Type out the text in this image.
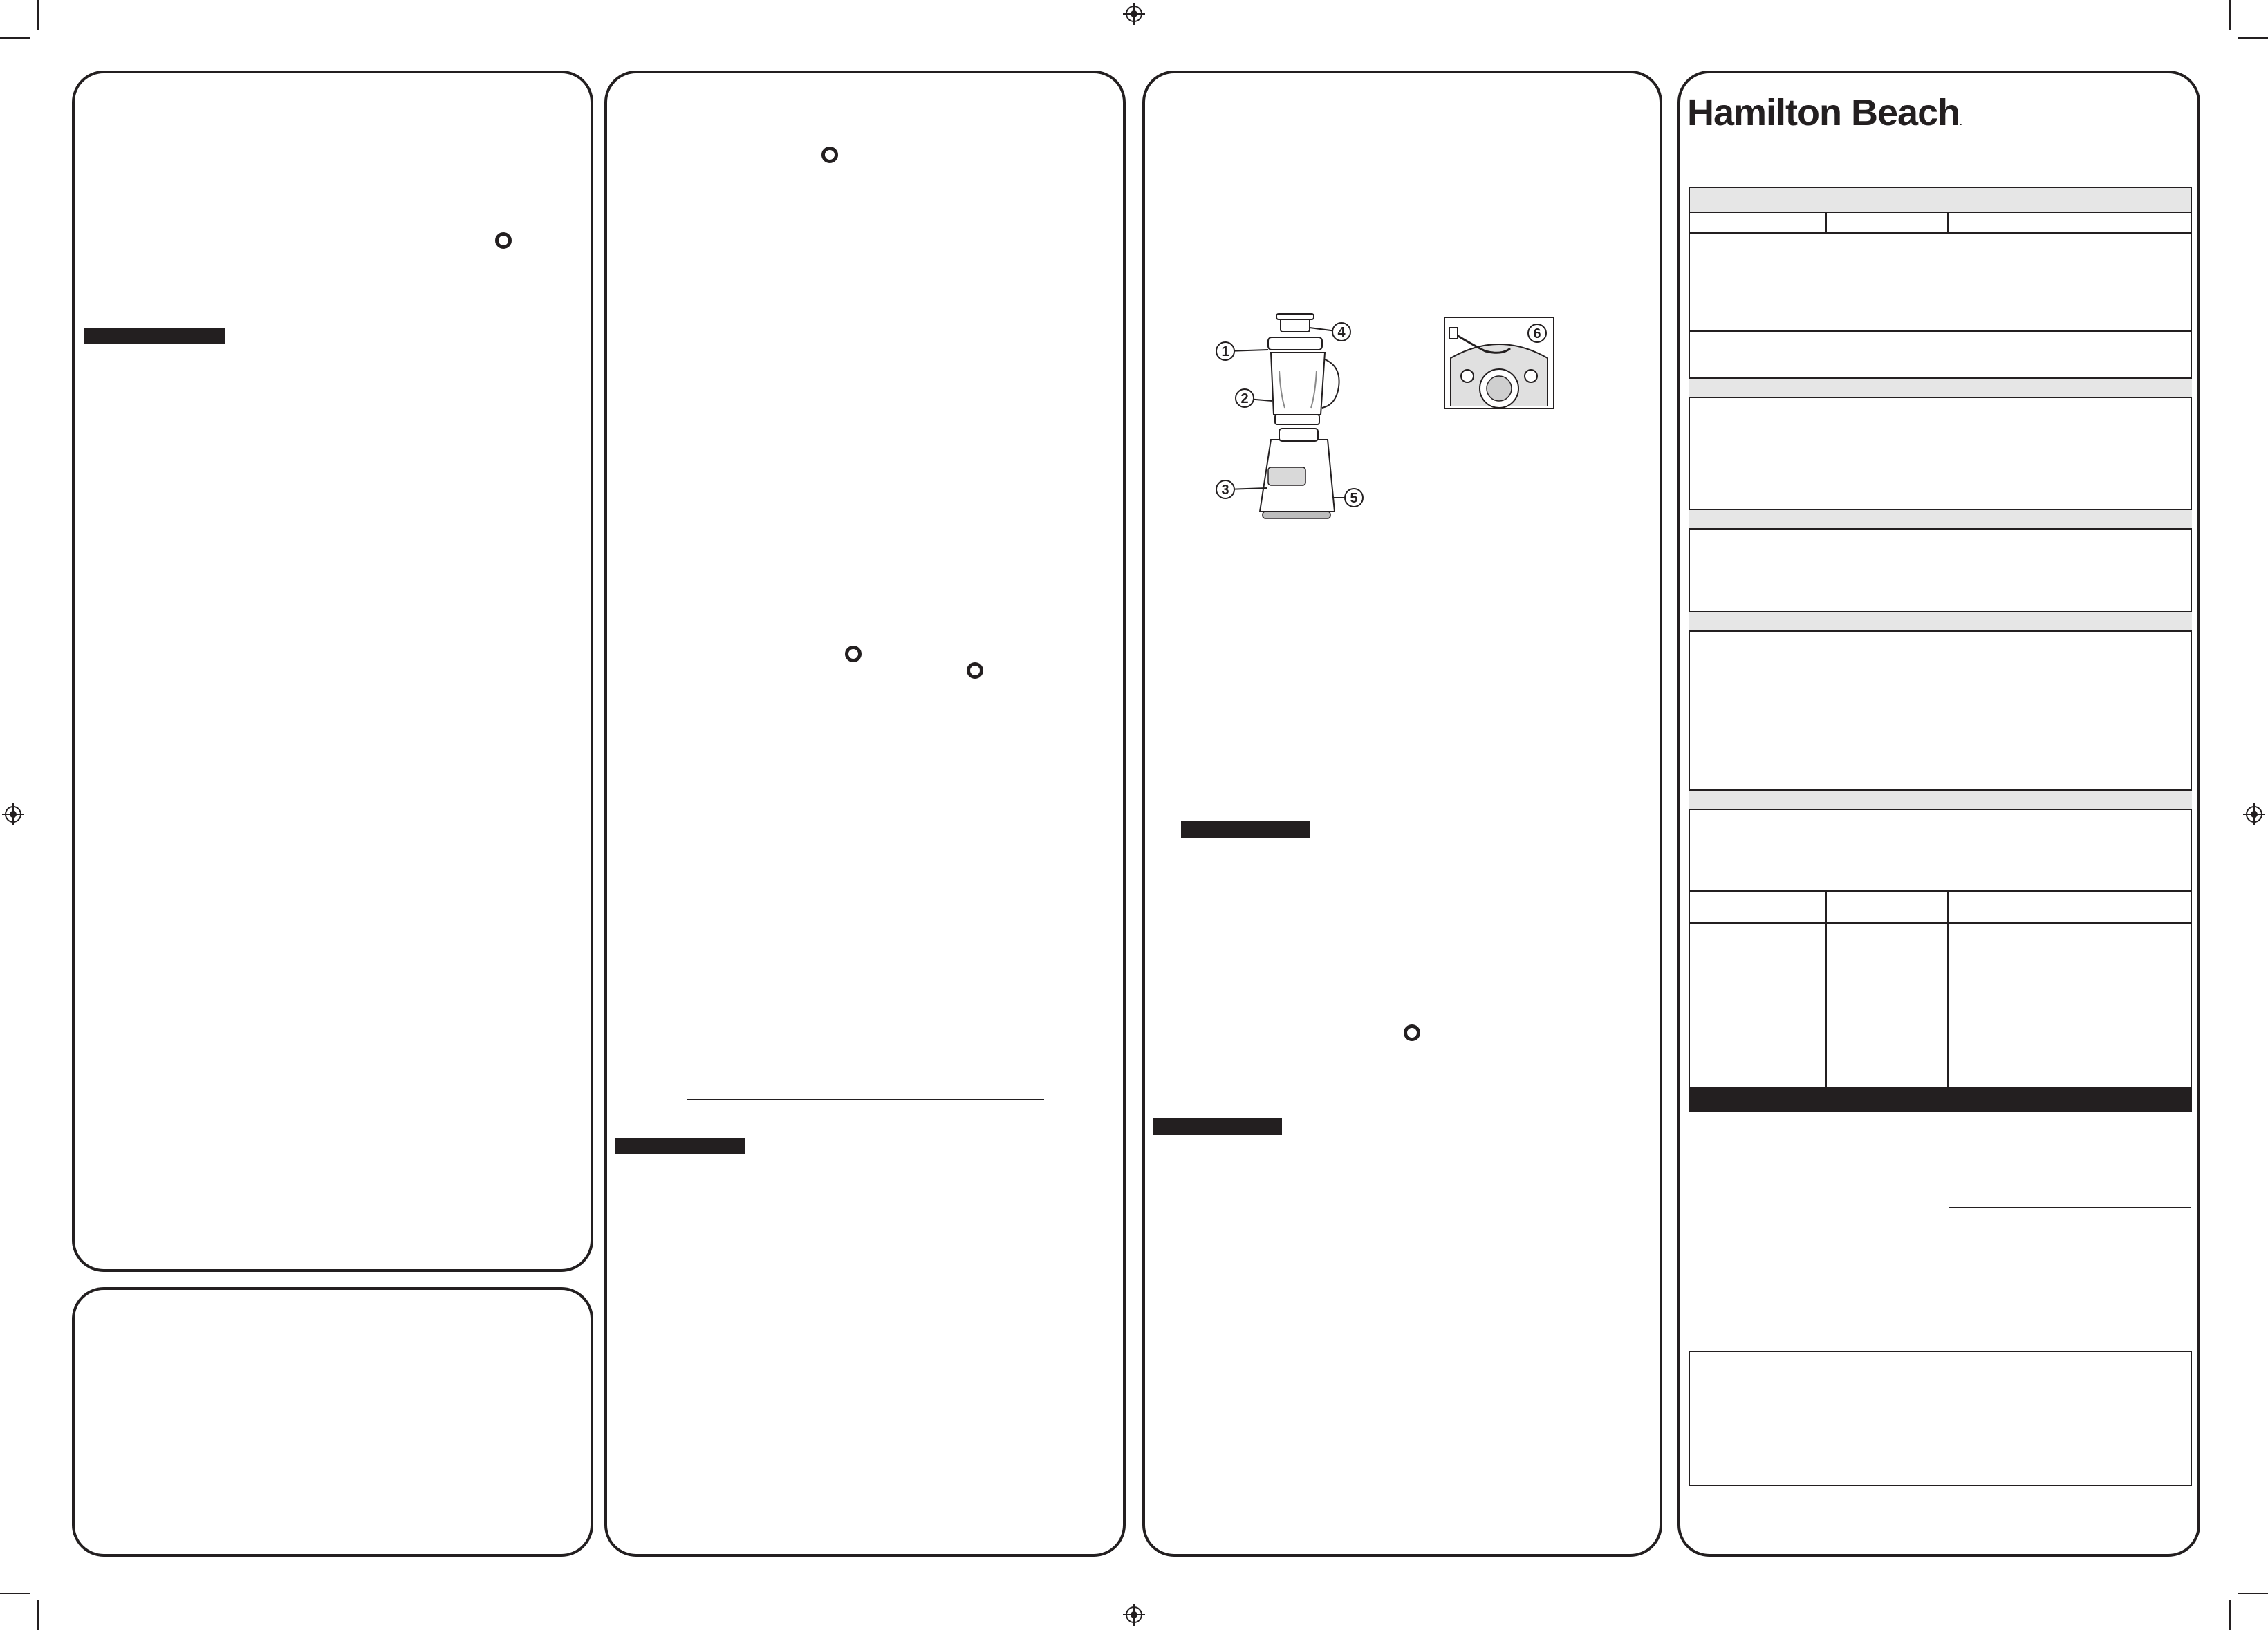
1
2
3
4
5
6
Hamilton Beach.
